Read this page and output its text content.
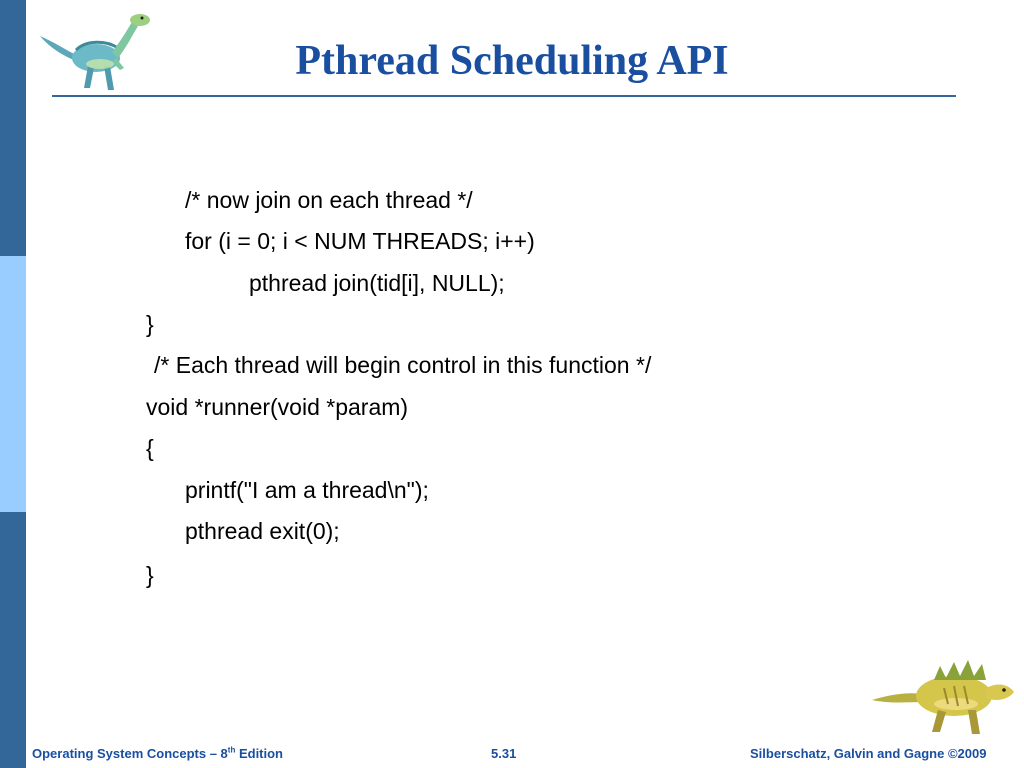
Pthread Scheduling API
/* now join on each thread */
for (i = 0; i < NUM THREADS; i++)
pthread join(tid[i], NULL);
}
/* Each thread will begin control in this function */
void *runner(void *param)
{
printf("I am a thread\n");
pthread exit(0);
}
Operating System Concepts – 8th Edition	5.31	Silberschatz, Galvin and Gagne ©2009
